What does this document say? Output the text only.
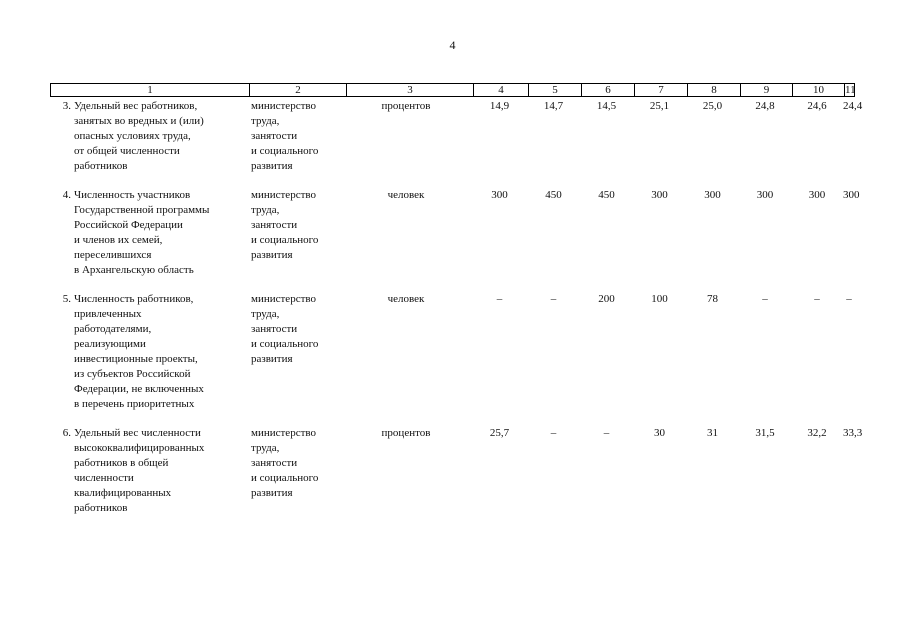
4
1	2	3	4	5	6	7	8	9	10	11
3. Удельный вес работников,
занятых во вредных и (или)
опасных условиях труда,
от общей численности
работников
министерство
труда,
занятости
и социального
развития
процентов	14,9	14,7	14,5	25,1	25,0	24,8	24,6	24,4
4. Численность участников
Государственной программы
Российской Федерации
и членов их семей,
переселившихся
в Архангельскую область
министерство
труда,
занятости
и социального
развития
человек	300	450	450	300	300	300	300	300
5. Численность работников,
привлеченных
работодателями,
реализующими
инвестиционные проекты,
из субъектов Российской
Федерации, не включенных
в перечень приоритетных
министерство
труда,
занятости
и социального
развития
человек	–	–	200	100	78	–	–	–
6. Удельный вес численности
высококвалифицированных
работников в общей
численности
квалифицированных
работников
министерство
труда,
занятости
и социального
развития
процентов	25,7	–	–	30	31	31,5	32,2	33,3
